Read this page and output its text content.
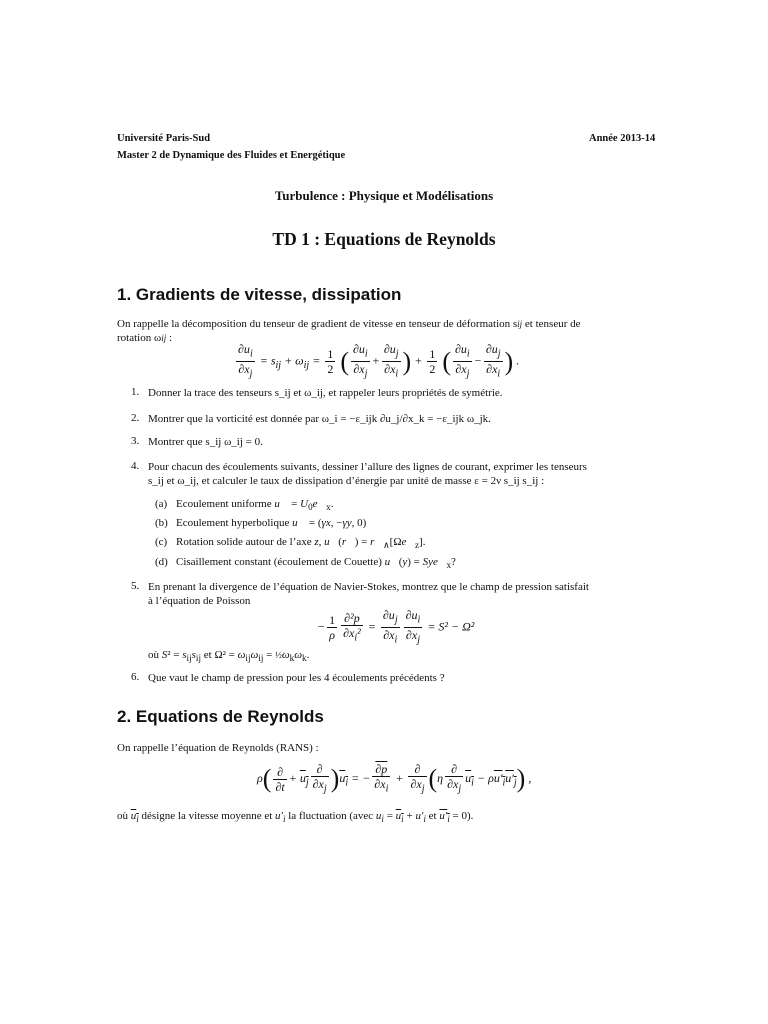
Université Paris-Sud	Année 2013-14
Master 2 de Dynamique des Fluides et Energétique
Turbulence : Physique et Modélisations
TD 1 : Equations de Reynolds
1. Gradients de vitesse, dissipation
On rappelle la décomposition du tenseur de gradient de vitesse en tenseur de déformation sij et tenseur de
rotation ωij :
$\frac{\partial u_i}{\partial x_j} = s_{ij} + \omega_{ij} = \frac{1}{2}$ ( $\frac{\partial u_i}{\partial x_j} + \frac{\partial u_j}{\partial x_i}$ ) + $\frac{1}{2}$ ( $\frac{\partial u_i}{\partial x_j} - \frac{\partial u_j}{\partial x_i}$ ) .
1. Donner la trace des tenseurs s_ij et ω_ij, et rappeler leurs propriétés de symétrie.
2. Montrer que la vorticité est donnée par ω_i = −ε_ijk ∂u_j/∂x_k = −ε_ijk ω_jk.
3. Montrer que s_ij ω_ij = 0.
4. Pour chacun des écoulements suivants, dessiner l’allure des lignes de courant, exprimer les tenseurs
s_ij et ω_ij, et calculer le taux de dissipation d’énergie par unité de masse ε = 2ν s_ij s_ij :
(a) Ecoulement uniforme u⃗ = $U_0e⃗_x$.
(b) Ecoulement hyperbolique u⃗ = (γx, −γy, 0)
(c) Rotation solide autour de l’axe z, u⃗(r⃗) = $r⃗_\wedge[\Omega e⃗_z]$.
(d) Cisaillement constant (écoulement de Couette) u⃗(y) = $Sye⃗_x$?
5. En prenant la divergence de l’équation de Navier-Stokes, montrez que le champ de pression satisfait
à l’équation de Poisson
− $\frac{1}{\rho} \frac{\text{∂²p}}{\partial x_i^2} = \frac{\partial u_j}{\partial x_i} \frac{\partial u_i}{\partial x_j} = S^2 - \Omega^2$
où $S^2 = s_{ij}s_{ij}$ et $\Omega^2 = \omega_{ij}\omega_{ij}$ = $\frac{1}{2}\omega_k\omega_k$.
6. Que vaut le champ de pression pour les 4 écoulements précédents ?
2. Equations de Reynolds
On rappelle l’équation de Reynolds (RANS) :
$\rho( \frac{\partial}{\partial t} + u_j \frac{\partial}{\partial x_j} )u_i$ = − $\frac{\partial p}{\partial x_i} + \frac{\partial}{\partial x_j} (\eta \frac{\partial}{\partial x_j} u_i - \rho u'_iu'_j)$ ,
où $u_i$ désigne la vitesse moyenne et $u'_i$ la fluctuation (avec $u_i = u_i + u'_i$ et $u'_i = 0$).
